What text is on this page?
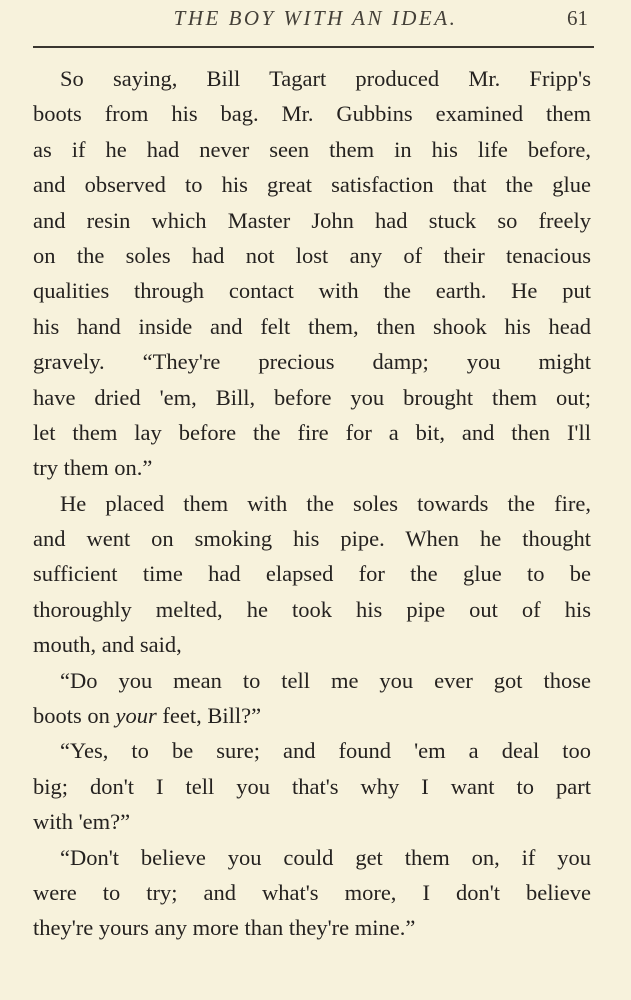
THE BOY WITH AN IDEA.	61
So saying, Bill Tagart produced Mr. Fripp's
boots from his bag. Mr. Gubbins examined them
as if he had never seen them in his life before,
and observed to his great satisfaction that the glue
and resin which Master John had stuck so freely
on the soles had not lost any of their tenacious
qualities through contact with the earth. He put
his hand inside and felt them, then shook his head
gravely. “They're precious damp; you might
have dried 'em, Bill, before you brought them out;
let them lay before the fire for a bit, and then I'll
try them on.”
He placed them with the soles towards the fire,
and went on smoking his pipe. When he thought
sufficient time had elapsed for the glue to be
thoroughly melted, he took his pipe out of his
mouth, and said,
“Do you mean to tell me you ever got those
boots on your feet, Bill?”
“Yes, to be sure; and found 'em a deal too
big; don't I tell you that's why I want to part
with 'em?”
“Don't believe you could get them on, if you
were to try; and what's more, I don't believe
they're yours any more than they're mine.”
